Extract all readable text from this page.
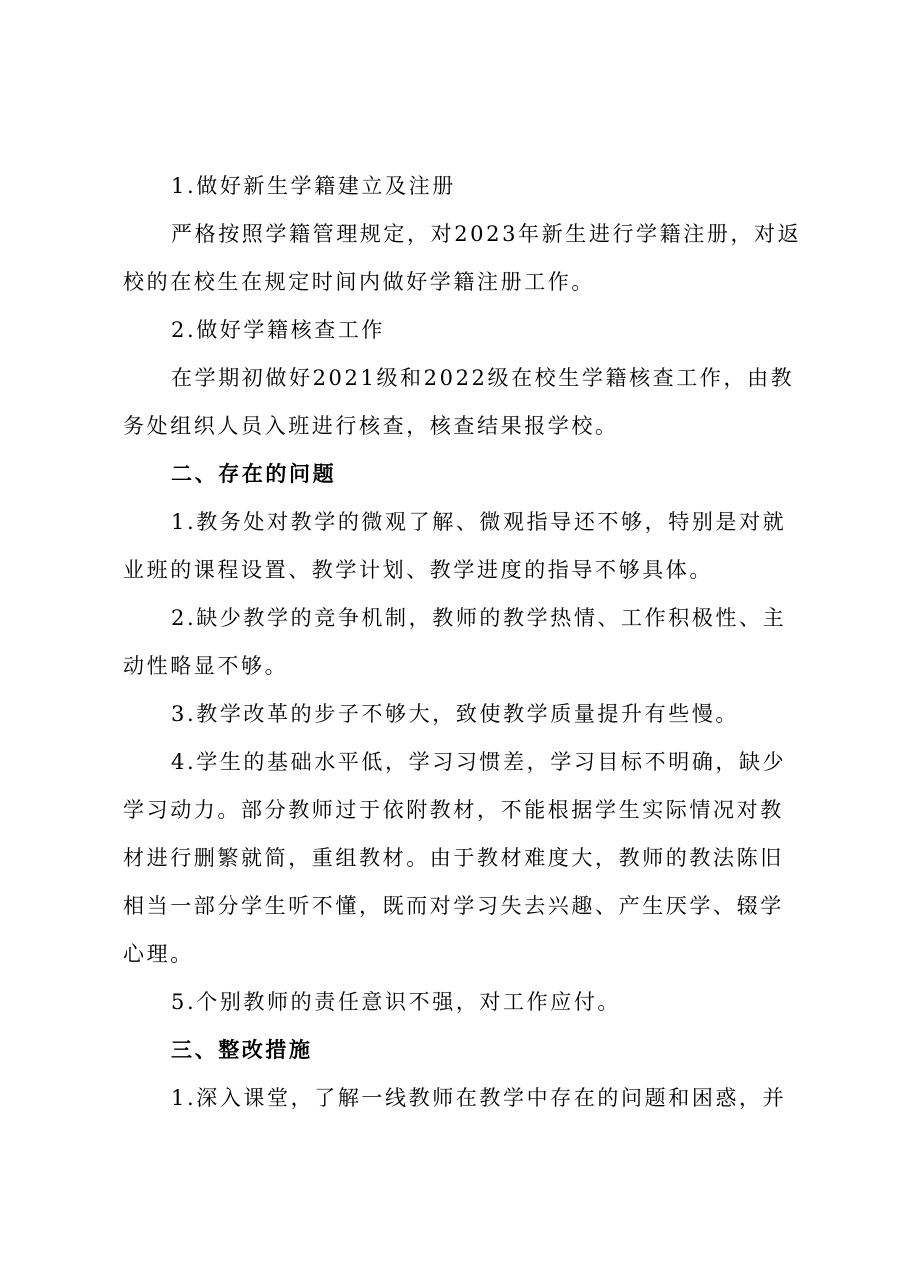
1.做好新生学籍建立及注册

严格按照学籍管理规定，对2023年新生进行学籍注册，对返校的在校生在规定时间内做好学籍注册工作。

2.做好学籍核查工作

在学期初做好2021级和2022级在校生学籍核查工作，由教务处组织人员入班进行核查，核查结果报学校。

二、存在的问题

1.教务处对教学的微观了解、微观指导还不够，特别是对就业班的课程设置、教学计划、教学进度的指导不够具体。

2.缺少教学的竞争机制，教师的教学热情、工作积极性、主动性略显不够。

3.教学改革的步子不够大，致使教学质量提升有些慢。

4.学生的基础水平低，学习习惯差，学习目标不明确，缺少学习动力。部分教师过于依附教材，不能根据学生实际情况对教材进行删繁就简，重组教材。由于教材难度大，教师的教法陈旧相当一部分学生听不懂，既而对学习失去兴趣、产生厌学、辍学心理。

5.个别教师的责任意识不强，对工作应付。

三、整改措施

1.深入课堂，了解一线教师在教学中存在的问题和困惑，并
